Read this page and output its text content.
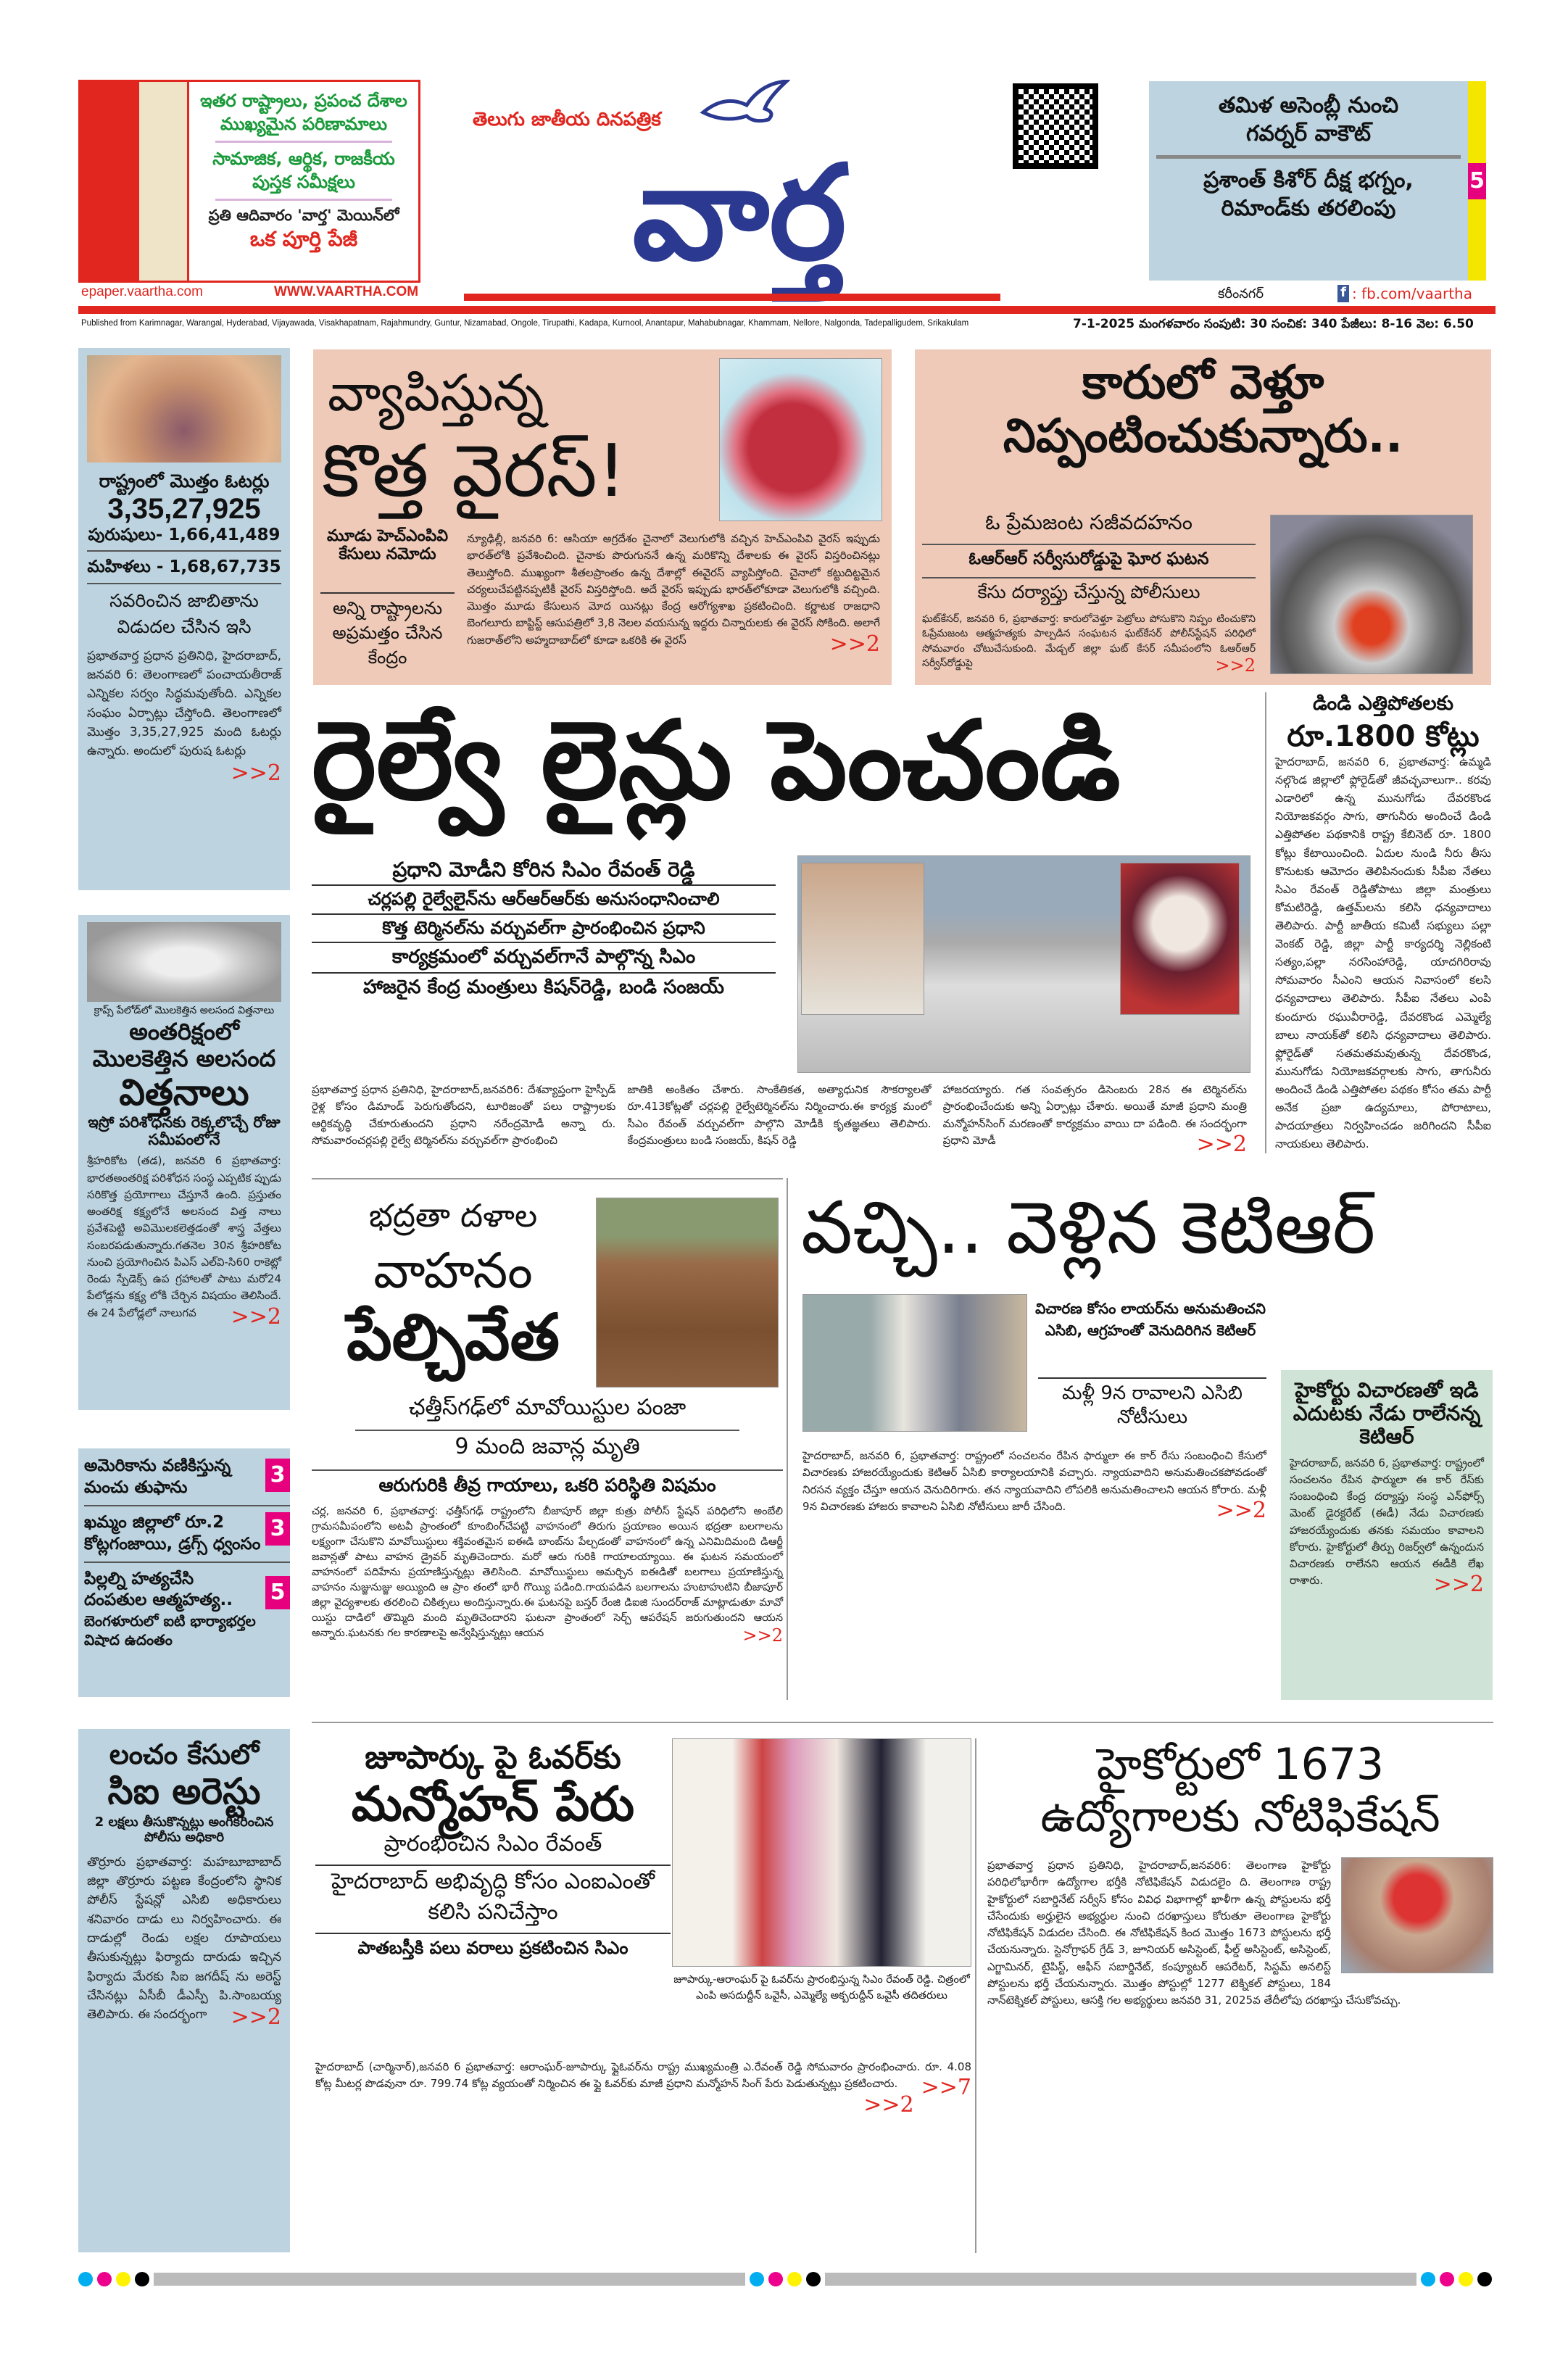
ఇతర రాష్ట్రాలు, ప్రపంచ దేశాల
ముఖ్యమైన పరిణామాలు
సామాజిక, ఆర్థిక, రాజకీయ
పుస్తక సమీక్షలు
ప్రతి ఆదివారం 'వార్త' మెయిన్‌లో
ఒక పూర్తి పేజీ
epaper.vaartha.com	WWW.VAARTHA.COM
తెలుగు జాతీయ దినపత్రిక
వార్త
తమిళ అసెంబ్లీ నుంచి
గవర్నర్ వాకౌట్
ప్రశాంత్ కిశోర్ దీక్ష భగ్నం,
రిమాండ్‌కు తరలింపు
5
కరీంనగర్	f : fb.com/vaartha
Published from Karimnagar, Warangal, Hyderabad, Vijayawada, Visakhapatnam, Rajahmundry, Guntur, Nizamabad, Ongole, Tirupathi, Kadapa, Kurnool, Anantapur, Mahabubnagar, Khammam, Nellore, Nalgonda, Tadepalligudem, Srikakulam	7-1-2025 మంగళవారం సంపుటి: 30 సంచిక: 340 పేజీలు: 8-16 వెల: 6.50
రాష్ట్రంలో మొత్తం ఓటర్లు
3,35,27,925
పురుషులు- 1,66,41,489
మహిళలు - 1,68,67,735
సవరించిన జాబితాను
విడుదల చేసిన ఇసి
ప్రభాతవార్త ప్రధాన ప్రతినిధి, హైదరాబాద్, జనవరి 6: తెలంగాణలో పంచాయతీరాజ్ ఎన్నికల సర్వం సిద్ధమవుతోంది. ఎన్నికల సంఘం ఏర్పాట్లు చేస్తోంది. తెలంగాణలో మొత్తం 3,35,27,925 మంది ఓటర్లు ఉన్నారు. అందులో పురుష ఓటర్లు
>>2
క్రాప్స్ పేలోడ్‌లో మొలకెత్తిన అలసంద విత్తనాలు
అంతరిక్షంలో
మొలకెత్తిన అలసంద
విత్తనాలు
ఇస్రో పరిశోధనకు రెక్కలొచ్చే రోజు సమీపంలోనే
శ్రీహరికోట (తడ), జనవరి 6 ప్రభాతవార్త: భారతఅంతరిక్ష పరిశోధన సంస్థ ఎప్పటిక ప్పుడు సరికొత్త ప్రయోగాలు చేస్తూనే ఉంది. ప్రస్తుతం అంతరిక్ష కక్ష్యలోనే అలసంద విత్త నాలు ప్రవేశపెట్టి అవిమొలకలెత్తడంతో శాస్త్ర వేత్తలు సంబరపడుతున్నారు.గతనెల 30న శ్రీహరికోట నుంచి ప్రయోగించిన పిఎస్ ఎల్‌వి-సి60 రాకెట్లో రెండు స్పేడెక్స్ ఉప గ్రహాలతో పాటు మరో24 పేలోడ్లను కక్ష్య లోకి చేర్చిన విషయం తెలిసిందే. ఈ 24 పేలోడ్లలో నాలుగవ >>2
అమెరికాను వణికిస్తున్న మంచు తుఫాను	3
ఖమ్మం జిల్లాలో రూ.2 కోట్లగంజాయి, డ్రగ్స్ ధ్వంసం
3
పిల్లల్ని హత్యచేసి దంపతుల ఆత్మహత్య..
బెంగళూరులో ఐటి భార్యాభర్తల విషాద ఉదంతం
5
లంచం కేసులో
సిఐ అరెస్టు
2 లక్షలు తీసుకొన్నట్లు అంగీకరించిన పోలీసు అధికారి
తొర్రూరు ప్రభాతవార్త: మహబూబాబాద్ జిల్లా తొర్రూరు పట్టణ కేంద్రంలోని స్థానిక పోలీస్ స్టేషన్లో ఎసిబి అధికారులు శనివారం దాడు లు నిర్వహించారు. ఈ దాడుల్లో రెండు లక్షల రూపాయలు తీసుకున్నట్లు ఫిర్యాదు దారుడు ఇచ్చిన ఫిర్యాదు మేరకు సిఐ జగదీష్ ను అరెస్ట్ చేసినట్లు ఏసీబీ డీఎస్పీ పి.సాంబయ్య తెలిపారు. ఈ సందర్భంగా >>2
వ్యాపిస్తున్న
కొత్త వైరస్!
మూడు హెచ్‌ఎంపివి కేసులు నమోదు
అన్ని రాష్ట్రాలను అప్రమత్తం చేసిన కేంద్రం
న్యూఢిల్లీ, జనవరి 6: ఆసియా అగ్రదేశం చైనాలో వెలుగులోకి వచ్చిన హెచ్‌ఎంపివి వైరస్ ఇప్పుడు భారత్‌లోకి ప్రవేశించింది. చైనాకు పొరుగుననే ఉన్న మరికొన్ని దేశాలకు ఈ వైరస్ విస్తరించినట్లు తెలుస్తోంది. ముఖ్యంగా శీతలప్రాంతం ఉన్న దేశాల్లో ఈవైరస్ వ్యాపిస్తోంది. చైనాలో కట్టుదిట్టమైన చర్యలుచేపట్టినప్పటికీ వైరస్ విస్తరిస్తోంది. అదే వైరస్ ఇప్పుడు భారత్‌లోకూడా వెలుగులోకి వచ్చింది. మొత్తం మూడు కేసులున మోద యినట్లు కేంద్ర ఆరోగ్యశాఖ ప్రకటించింది. కర్ణాటక రాజధాని బెంగలూరు బాప్టిస్ట్ ఆసుపత్రిలో 3,8 నెలల వయసున్న ఇద్దరు చిన్నారులకు ఈ వైరస్ సోకింది. అలాగే గుజరాత్‌లోని అహ్మదాబాద్‌లో కూడా ఒకరికి ఈ వైరస్	>>2
కారులో వెళ్తూ
నిప్పంటించుకున్నారు..
ఓ ప్రేమజంట సజీవదహనం
ఓఆర్ఆర్ సర్వీసురోడ్డుపై ఘోర ఘటన
కేసు దర్యాప్తు చేస్తున్న పోలీసులు
ఘట్‌కేసర్, జనవరి 6, ప్రభాతవార్త: కారులోవెళ్తూ పెట్రోలు పోసుకొని నిప్పం టించుకొని ఓప్రేమజంట ఆత్మహత్యకు పాల్పడిన సంఘటన ఘట్‌కేసర్ పోలీస్‌స్టేషన్ పరిధిలో సోమవారం చోటుచేసుకుంది. మేడ్చల్ జిల్లా ఘట్ కేసర్ సమీపంలోని ఓఆర్ఆర్ సర్వీస్‌రోడ్డుపై	>>2
రైల్వే లైన్లు పెంచండి
ప్రధాని మోడీని కోరిన సిఎం రేవంత్ రెడ్డి
చర్లపల్లి రైల్వేలైన్‌ను ఆర్ఆర్ఆర్‌కు అనుసంధానించాలి
కొత్త టెర్మినల్‌ను వర్చువల్‌గా ప్రారంభించిన ప్రధాని
కార్యక్రమంలో వర్చువల్‌గానే పాల్గొన్న సిఎం
హాజరైన కేంద్ర మంత్రులు కిషన్‌రెడ్డి, బండి సంజయ్
ప్రభాతవార్త ప్రధాన ప్రతినిధి, హైదరాబాద్,జనవరి6: దేశవ్యాప్తంగా హైస్పీడ్ రైళ్ల కోసం డిమాండ్ పెరుగుతోందని, టూరిజంతో పలు రాష్ట్రాలకు ఆర్థికవృద్ధి చేకూరుతుందని ప్రధాని నరేంద్రమోడీ అన్నా రు. సోమవారంచర్లపల్లి రైల్వే టెర్మినల్‌ను వర్చువల్‌గా ప్రారంభించి
జాతికి అంకితం చేశారు. సాంకేతికత, అత్యాధునిక సౌకర్యాలతో రూ.413కోట్లతో చర్లపల్లి రైల్వేటెర్మినల్‌ను నిర్మించారు.ఈ కార్యక్ర మంలో సీఎం రేవంత్ వర్చువల్‌గా పాల్గొని మోడీకి కృతజ్ఞతలు తెలిపారు. కేంద్రమంత్రులు బండి సంజయ్, కిషన్ రెడ్డి
హాజరయ్యారు. గత సంవత్సరం డిసెంబరు 28న ఈ టెర్మినల్‌ను ప్రారంభించేందుకు అన్ని ఏర్పాట్లు చేశారు. అయితే మాజీ ప్రధాని మంత్రి మన్మోహన్‌సింగ్ మరణంతో కార్యక్రమం వాయి దా పడింది. ఈ సందర్భంగా ప్రధాని మోడీ	>>2
డిండి ఎత్తిపోతలకు
రూ.1800 కోట్లు
హైదరాబాద్, జనవరి 6, ప్రభాతవార్త: ఉమ్మడి నల్గొండ జిల్లాలో ఫ్లోరైడ్‌తో జీవచ్ఛవాలుగా.. కరవు ఎడారిలో ఉన్న మునుగోడు దేవరకొండ నియోజకవర్గం సాగు, తాగునీరు అందించే డిండి ఎత్తిపోతల పథకానికి రాష్ట్ర కేబినెట్ రూ. 1800 కోట్లు కేటాయించింది. ఏదుల నుండి నీరు తీసు కొనుటకు ఆమోదం తెలిపినందుకు సీపీఐ నేతలు సిఎం రేవంత్ రెడ్డితోపాటు జిల్లా మంత్రులు కోమటిరెడ్డి, ఉత్తమ్‌లను కలిసి ధన్యవాదాలు తెలిపారు. పార్టీ జాతీయ కమిటీ సభ్యులు పల్లా వెంకట్ రెడ్డి, జిల్లా పార్టీ కార్యదర్శి నెల్లికంటి సత్యం,పల్లా నరసింహారెడ్డి, యాదగిరిరావు సోమవారం సీఎంని ఆయన నివాసంలో కలసి ధన్యవాదాలు తెలిపారు. సీపీఐ నేతలు ఎంపి కుందూరు రఘువీరారెడ్డి, దేవరకొండ ఎమ్మెల్యే బాలు నాయక్‌తో కలిసి ధన్యవాదాలు తెలిపారు. ఫ్లోరైడ్‌తో సతమతమవుతున్న దేవరకొండ, మునుగోడు నియోజకవర్గాలకు సాగు, తాగునీరు అందించే డిండి ఎత్తిపోతల పథకం కోసం తమ పార్టీ అనేక ప్రజా ఉద్యమాలు, పోరాటాలు, పాదయాత్రలు నిర్వహించడం జరిగిందని సీపీఐ నాయకులు తెలిపారు.
భద్రతా దళాల
వాహనం
పేల్చివేత
ఛత్తీస్‌గఢ్‌లో మావోయిస్టుల పంజా
9 మంది జవాన్ల మృతి
ఆరుగురికి తీవ్ర గాయాలు, ఒకరి పరిస్థితి విషమం
చర్ల, జనవరి 6, ప్రభాతవార్త: ఛత్తీస్‌గఢ్ రాష్ట్రంలోని బీజాపూర్ జిల్లా కుత్రు పోలీస్ స్టేషన్ పరిధిలోని అంబేలి గ్రామసమీపంలోని అటవీ ప్రాంతంలో కూంబింగ్‌చేపట్టి వాహనంలో తిరుగు ప్రయాణం అయిన భద్రతా బలగాలను లక్ష్యంగా చేసుకొని మావోయిస్టులు శక్తివంతమైన ఐఈడి బాంబ్‌ను పేల్చడంతో వాహనంలో ఉన్న ఎనిమిదిమంది డిఆర్జీ జవాన్లతో పాటు వాహన డ్రైవర్ మృతిచెందారు. మరో ఆరు గురికి గాయాలయ్యాయి. ఈ ఘటన సమయంలో వాహనంలో పదిహేను ప్రయాణిస్తున్నట్లు తెలిసింది. మావోయిస్టులు అమర్చిన ఐఈడితో బలగాలు ప్రయాణిస్తున్న వాహనం నుజ్జునుజ్జు అయ్యింది ఆ ప్రాం తంలో భారీ గొయ్యి పడింది.గాయపడిన బలగాలను హుటాహుటిని బీజాపూర్ జిల్లా వైద్యశాలకు తరలించి చికిత్సలు అందిస్తున్నారు.ఈ ఘటనపై బస్తర్ రేంజి డిఐజి సుందర్‌రాజ్ మాట్లాడుతూ మావో యిస్టు దాడిలో తొమ్మిది మంది మృతిచెందారని ఘటనా ప్రాంతంలో సెర్చ్ ఆపరేషన్ జరుగుతుందని ఆయన అన్నారు.ఘటనకు గల కారణాలపై అన్వేషిస్తున్నట్లు ఆయన	>>2
వచ్చి.. వెళ్లిన కెటిఆర్
విచారణ కోసం లాయర్‌ను అనుమతించని ఎసిబి, ఆగ్రహంతో వెనుదిరిగిన కెటిఆర్
మళ్లీ 9న రావాలని ఎసిబి నోటీసులు
హైదరాబాద్, జనవరి 6, ప్రభాతవార్త: రాష్ట్రంలో సంచలనం రేపిన ఫార్ములా ఈ కార్ రేసు సంబంధించి కేసులో విచారణకు హాజరయ్యేందుకు కెటిఆర్ ఏసిబి కార్యాలయానికి వచ్చారు. న్యాయవాదిని అనుమతించకపోవడంతో నిరసన వ్యక్తం చేస్తూ ఆయన వెనుదిరిగారు. తన న్యాయవాదిని లోపలికి అనుమతించాలని ఆయన కోరారు. మళ్లీ 9న విచారణకు హాజరు కావాలని ఏసిబి నోటీసులు జారీ చేసింది.	>>2
హైకోర్టు విచారణతో ఇడి ఎదుటకు నేడు రాలేనన్న కెటిఆర్
హైదరాబాద్, జనవరి 6, ప్రభాతవార్త: రాష్ట్రంలో సంచలనం రేపిన ఫార్ములా ఈ కార్ రేస్‌కు సంబంధించి కేంద్ర దర్యాప్తు సంస్థ ఎన్‌ఫోర్స్ మెంట్ డైరక్టరేట్ (ఈడీ) నేడు విచారణకు హాజరయ్యేందుకు తనకు సమయం కావాలని కోరారు. హైకోర్టులో తీర్పు రిజర్వ్‌లో ఉన్నందున విచారణకు రాలేనని ఆయన ఈడీకి లేఖ రాశారు.	>>2
జూపార్కు పై ఓవర్‌కు
మన్మోహన్ పేరు
ప్రారంభించిన సిఎం రేవంత్
హైదరాబాద్ అభివృద్ధి కోసం ఎంఐఎంతో కలిసి పనిచేస్తాం
పాతబస్తీకి పలు వరాలు ప్రకటించిన సిఎం
జూపార్కు-ఆరాంఘర్ పై ఓవర్‌ను ప్రారంభిస్తున్న సిఎం రేవంత్ రెడ్డి. చిత్రంలో ఎంపి అసదుద్దీన్ ఒవైసీ, ఎమ్మెల్యే అక్బరుద్దీన్ ఒవైసీ తదితరులు
హైదరాబాద్ (చార్మినార్),జనవరి 6 ప్రభాతవార్త: ఆరాంఘర్-జూపార్కు ఫ్లైఓవర్‌ను రాష్ట్ర ముఖ్యమంత్రి ఎ.రేవంత్ రెడ్డి సోమవారం ప్రారంభించారు. రూ. 4.08 కోట్ల మీటర్ల పొడవునా రూ. 799.74 కోట్ల వ్యయంతో నిర్మించిన ఈ ఫ్లై ఓవర్‌కు మాజీ ప్రధాని మన్మోహన్ సింగ్ పేరు పెడుతున్నట్లు ప్రకటించారు. >>7
>>2
హైకోర్టులో 1673
ఉద్యోగాలకు నోటిఫికేషన్
ప్రభాతవార్త ప్రధాన ప్రతినిధి, హైదరాబాద్,జనవరి6: తెలంగాణ హైకోర్టు పరిధిలోభారీగా ఉద్యోగాల భర్తీకి నోటిఫికేషన్ విడుదలైం ది. తెలంగాణ రాష్ట్ర హైకోర్టులో సబార్డినేట్ సర్వీస్ కోసం వివిధ విభాగాల్లో ఖాళీగా ఉన్న పోస్టులను భర్తీ చేసేందుకు అర్హులైన అభ్యర్థుల నుంచి దరఖాస్తులు కోరుతూ తెలంగాణ హైకోర్టు నోటిఫికేషన్ విడుదల చేసింది. ఈ నోటిఫికేషన్ కింద మొత్తం 1673 పోస్టులను భర్తీ చేయనున్నారు. స్టెనోగ్రాఫర్ గ్రేడ్ 3, జూనియర్ అసిస్టెంట్, ఫీల్డ్ అసిస్టెంట్, అసిస్టెంట్, ఎగ్జామినర్, టైపిస్ట్, ఆఫీస్ సబార్డినేట్, కంప్యూటర్ ఆపరేటర్, సిస్టమ్ అనలిస్ట్ పోస్టులను భర్తీ చేయనున్నారు. మొత్తం పోస్టుల్లో 1277 టెక్నికల్ పోస్టులు, 184 నాన్‌టెక్నికల్ పోస్టులు, ఆసక్తి గల అభ్యర్థులు జనవరి 31, 2025వ తేదీలోపు దరఖాస్తు చేసుకోవచ్చు.
